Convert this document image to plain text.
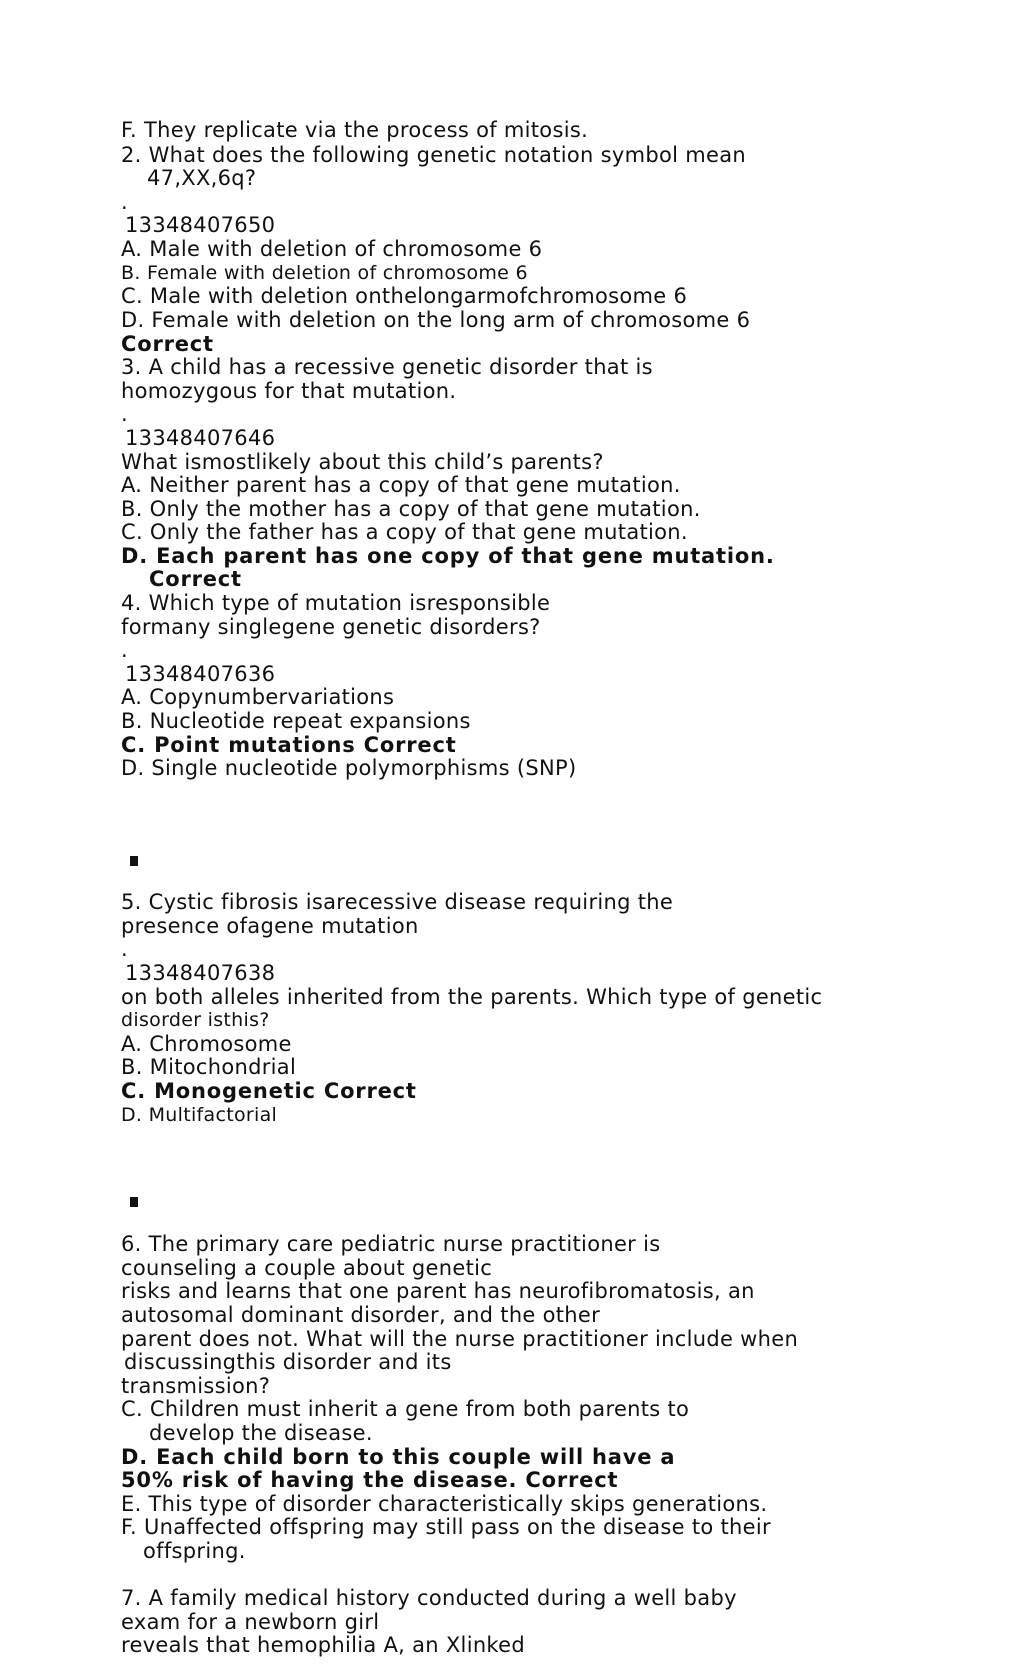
F. They replicate via the process of mitosis.
2. What does the following genetic notation symbol mean
47,XX,6q?
.
13348407650
A. Male with deletion of chromosome 6
B. Female with deletion of chromosome 6
C. Male with deletion onthelongarmofchromosome 6
D. Female with deletion on the long arm of chromosome 6
Correct
3. A child has a recessive genetic disorder that is
homozygous for that mutation.
.
13348407646
What ismostlikely about this child’s parents?
A. Neither parent has a copy of that gene mutation.
B. Only the mother has a copy of that gene mutation.
C. Only the father has a copy of that gene mutation.
D. Each parent has one copy of that gene mutation.
Correct
4. Which type of mutation isresponsible
formany singlegene genetic disorders?
.
13348407636
A. Copynumbervariations
B. Nucleotide repeat expansions
C. Point mutations Correct
D. Single nucleotide polymorphisms (SNP)
5. Cystic fibrosis isarecessive disease requiring the
presence ofagene mutation
.
13348407638
on both alleles inherited from the parents. Which type of genetic
disorder isthis?
A. Chromosome
B. Mitochondrial
C. Monogenetic Correct
D. Multifactorial
6. The primary care pediatric nurse practitioner is
counseling a couple about genetic
risks and learns that one parent has neurofibromatosis, an
autosomal dominant disorder, and the other
parent does not. What will the nurse practitioner include when
discussingthis disorder and its
transmission?
C. Children must inherit a gene from both parents to
develop the disease.
D. Each child born to this couple will have a
50% risk of having the disease. Correct
E. This type of disorder characteristically skips generations.
F. Unaffected offspring may still pass on the disease to their
offspring.
7. A family medical history conducted during a well baby
exam for a newborn girl
reveals that hemophilia A, an Xlinked
